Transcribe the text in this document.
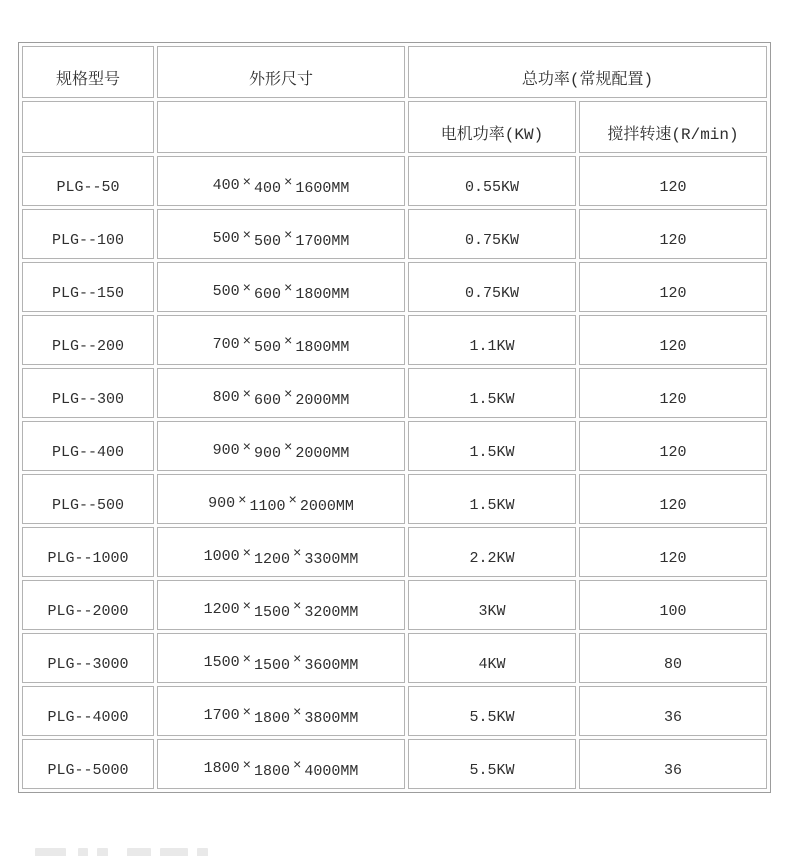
规格型号	外形尺寸	总功率(常规配置)	
		电机功率(KW)	搅拌转速(R/min)
PLG--50	400 × 400 × 1600MM	0.55KW	120
PLG--100	500 × 500 × 1700MM	0.75KW	120
PLG--150	500 × 600 × 1800MM	0.75KW	120
PLG--200	700 × 500 × 1800MM	1.1KW	120
PLG--300	800 × 600 × 2000MM	1.5KW	120
PLG--400	900 × 900 × 2000MM	1.5KW	120
PLG--500	900 × 1100 × 2000MM	1.5KW	120
PLG--1000	1000 × 1200 × 3300MM	2.2KW	120
PLG--2000	1200 × 1500 × 3200MM	3KW	100
PLG--3000	1500 × 1500 × 3600MM	4KW	80
PLG--4000	1700 × 1800 × 3800MM	5.5KW	36
PLG--5000	1800 × 1800 × 4000MM	5.5KW	36
